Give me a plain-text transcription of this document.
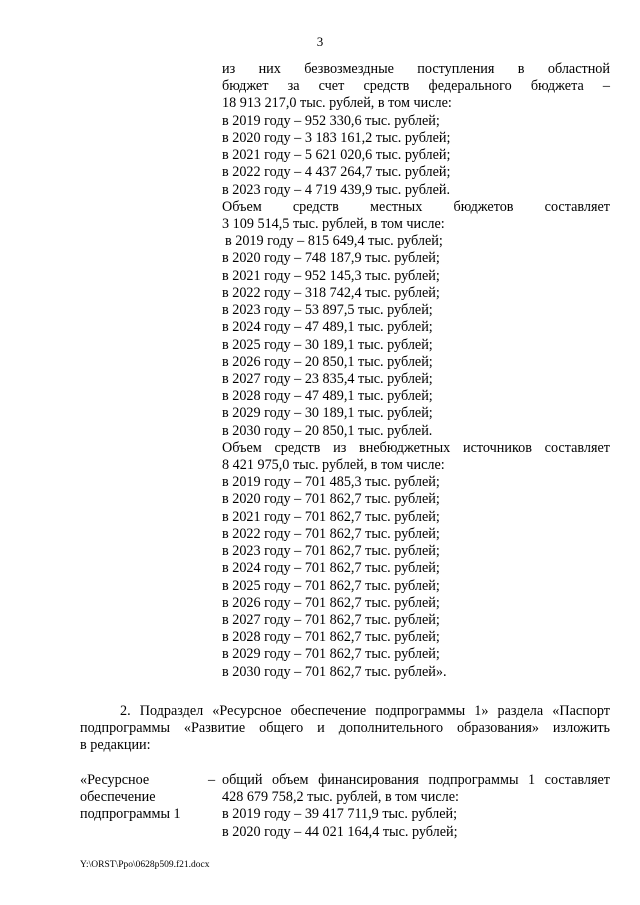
3
из них безвозмездные поступления в областной
бюджет за счет средств федерального бюджета –
18 913 217,0 тыс. рублей, в том числе:
в 2019 году – 952 330,6 тыс. рублей;
в 2020 году – 3 183 161,2 тыс. рублей;
в 2021 году – 5 621 020,6 тыс. рублей;
в 2022 году – 4 437 264,7 тыс. рублей;
в 2023 году – 4 719 439,9 тыс. рублей.
Объем средств местных бюджетов составляет
3 109 514,5 тыс. рублей, в том числе:
в 2019 году – 815 649,4 тыс. рублей;
в 2020 году – 748 187,9 тыс. рублей;
в 2021 году – 952 145,3 тыс. рублей;
в 2022 году – 318 742,4 тыс. рублей;
в 2023 году – 53 897,5 тыс. рублей;
в 2024 году – 47 489,1 тыс. рублей;
в 2025 году – 30 189,1 тыс. рублей;
в 2026 году – 20 850,1 тыс. рублей;
в 2027 году – 23 835,4 тыс. рублей;
в 2028 году – 47 489,1 тыс. рублей;
в 2029 году – 30 189,1 тыс. рублей;
в 2030 году – 20 850,1 тыс. рублей.
Объем средств из внебюджетных источников составляет
8 421 975,0 тыс. рублей, в том числе:
в 2019 году – 701 485,3 тыс. рублей;
в 2020 году – 701 862,7 тыс. рублей;
в 2021 году – 701 862,7 тыс. рублей;
в 2022 году – 701 862,7 тыс. рублей;
в 2023 году – 701 862,7 тыс. рублей;
в 2024 году – 701 862,7 тыс. рублей;
в 2025 году – 701 862,7 тыс. рублей;
в 2026 году – 701 862,7 тыс. рублей;
в 2027 году – 701 862,7 тыс. рублей;
в 2028 году – 701 862,7 тыс. рублей;
в 2029 году – 701 862,7 тыс. рублей;
в 2030 году – 701 862,7 тыс. рублей».
2. Подраздел «Ресурсное обеспечение подпрограммы 1» раздела «Паспорт
подпрограммы «Развитие общего и дополнительного образования» изложить
в редакции:
«Ресурсное
обеспечение
подпрограммы 1
– общий объем финансирования подпрограммы 1 составляет
428 679 758,2 тыс. рублей, в том числе:
в 2019 году – 39 417 711,9 тыс. рублей;
в 2020 году – 44 021 164,4 тыс. рублей;
Y:\ORST\Ppo\0628p509.f21.docx
